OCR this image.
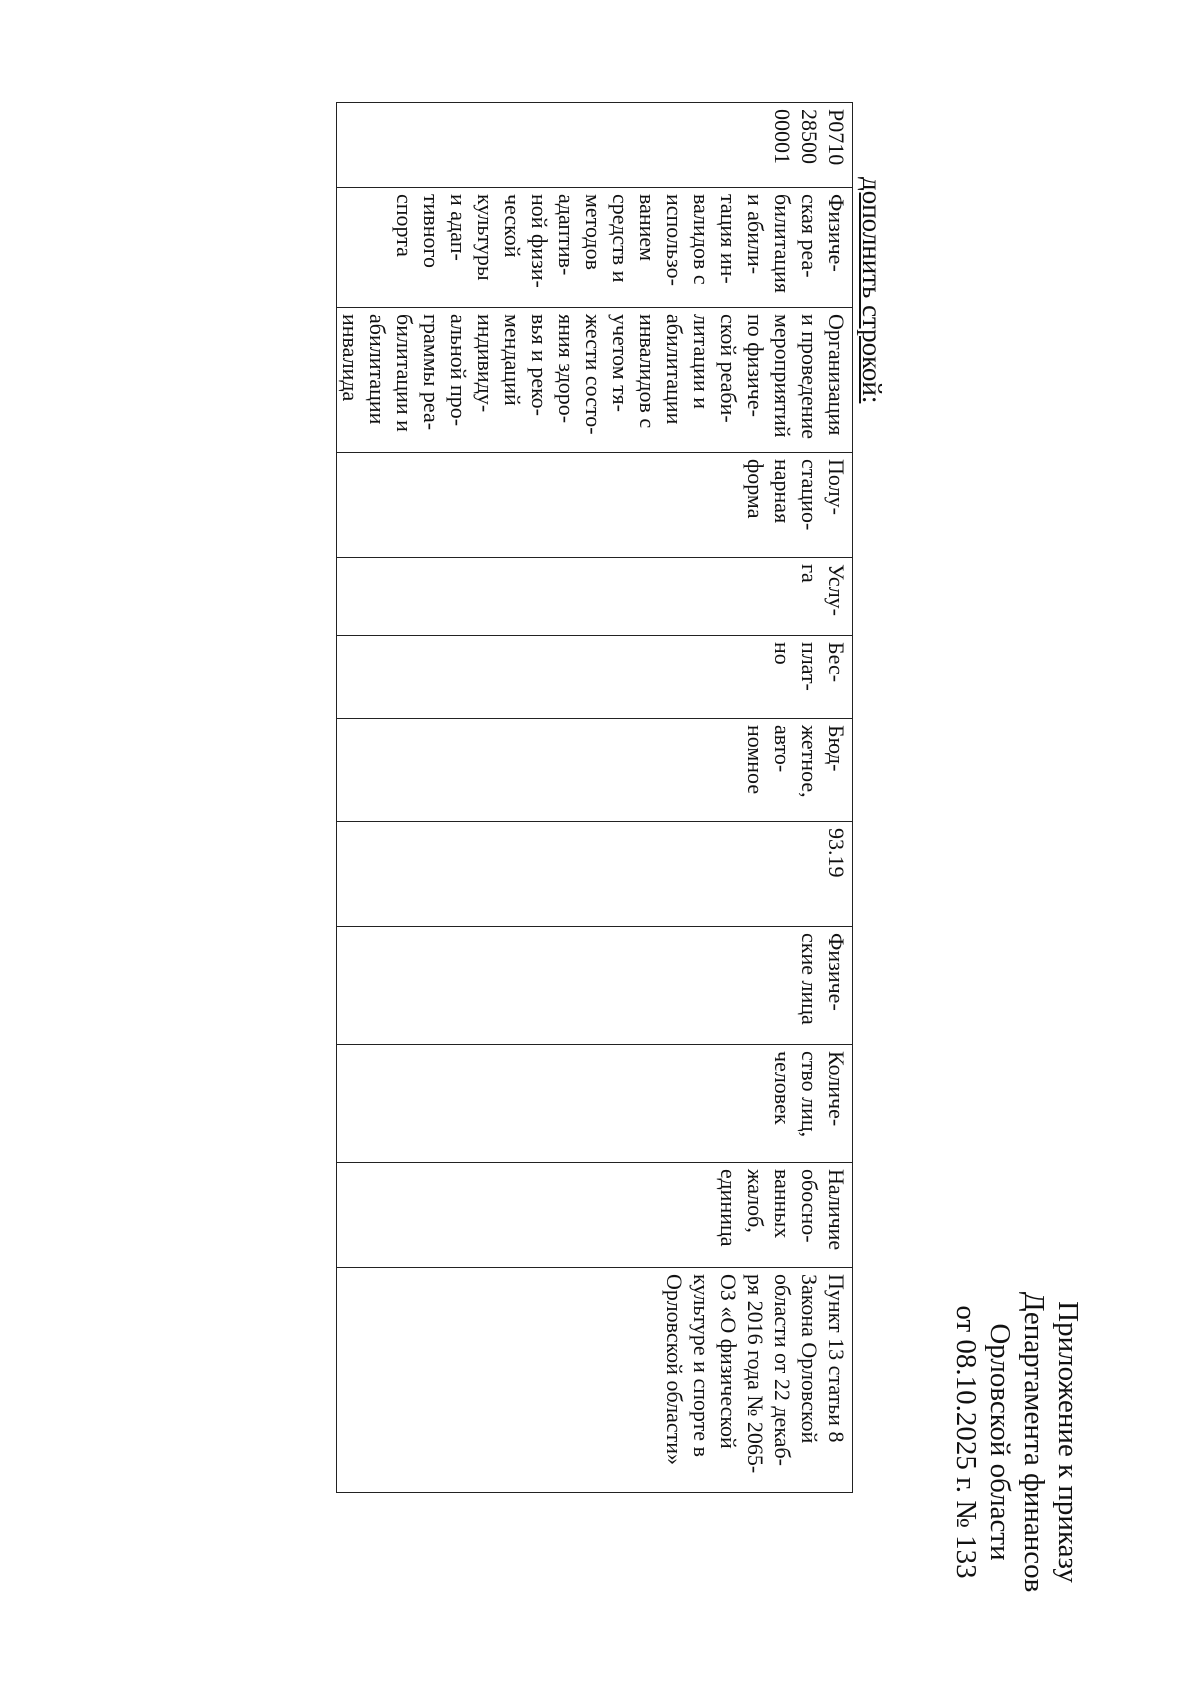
Приложение к приказу
Департамента финансов
Орловской области
от 08.10.2025 г. № 133
дополнить строкой:
Р0710
28500
00001

Физиче-
ская реа-
билитация
и абили-
тация ин-
валидов с
использо-
ванием
средств и
методов
адаптив-
ной физи-
ческой
культуры
и адап-
тивного
спорта

Организация
и проведение
мероприятий
по физиче-
ской реаби-
литации и
абилитации
инвалидов с
учетом тя-
жести состо-
яния здоро-
вья и реко-
мендаций
индивиду-
альной про-
граммы реа-
билитации и
абилитации
инвалида

Полу-
стацио-
нарная
форма

Услу-
га

Бес-
плат-
но

Бюд-
жетное,
авто-
номное

93.19

Физиче-
ские лица

Количе-
ство лиц,
человек

Наличие
обосно-
ванных
жалоб,
единица

Пункт 13 статьи 8
Закона Орловской
области от 22 декаб-
ря 2016 года № 2065-
ОЗ «О физической
культуре и спорте в
Орловской области»
